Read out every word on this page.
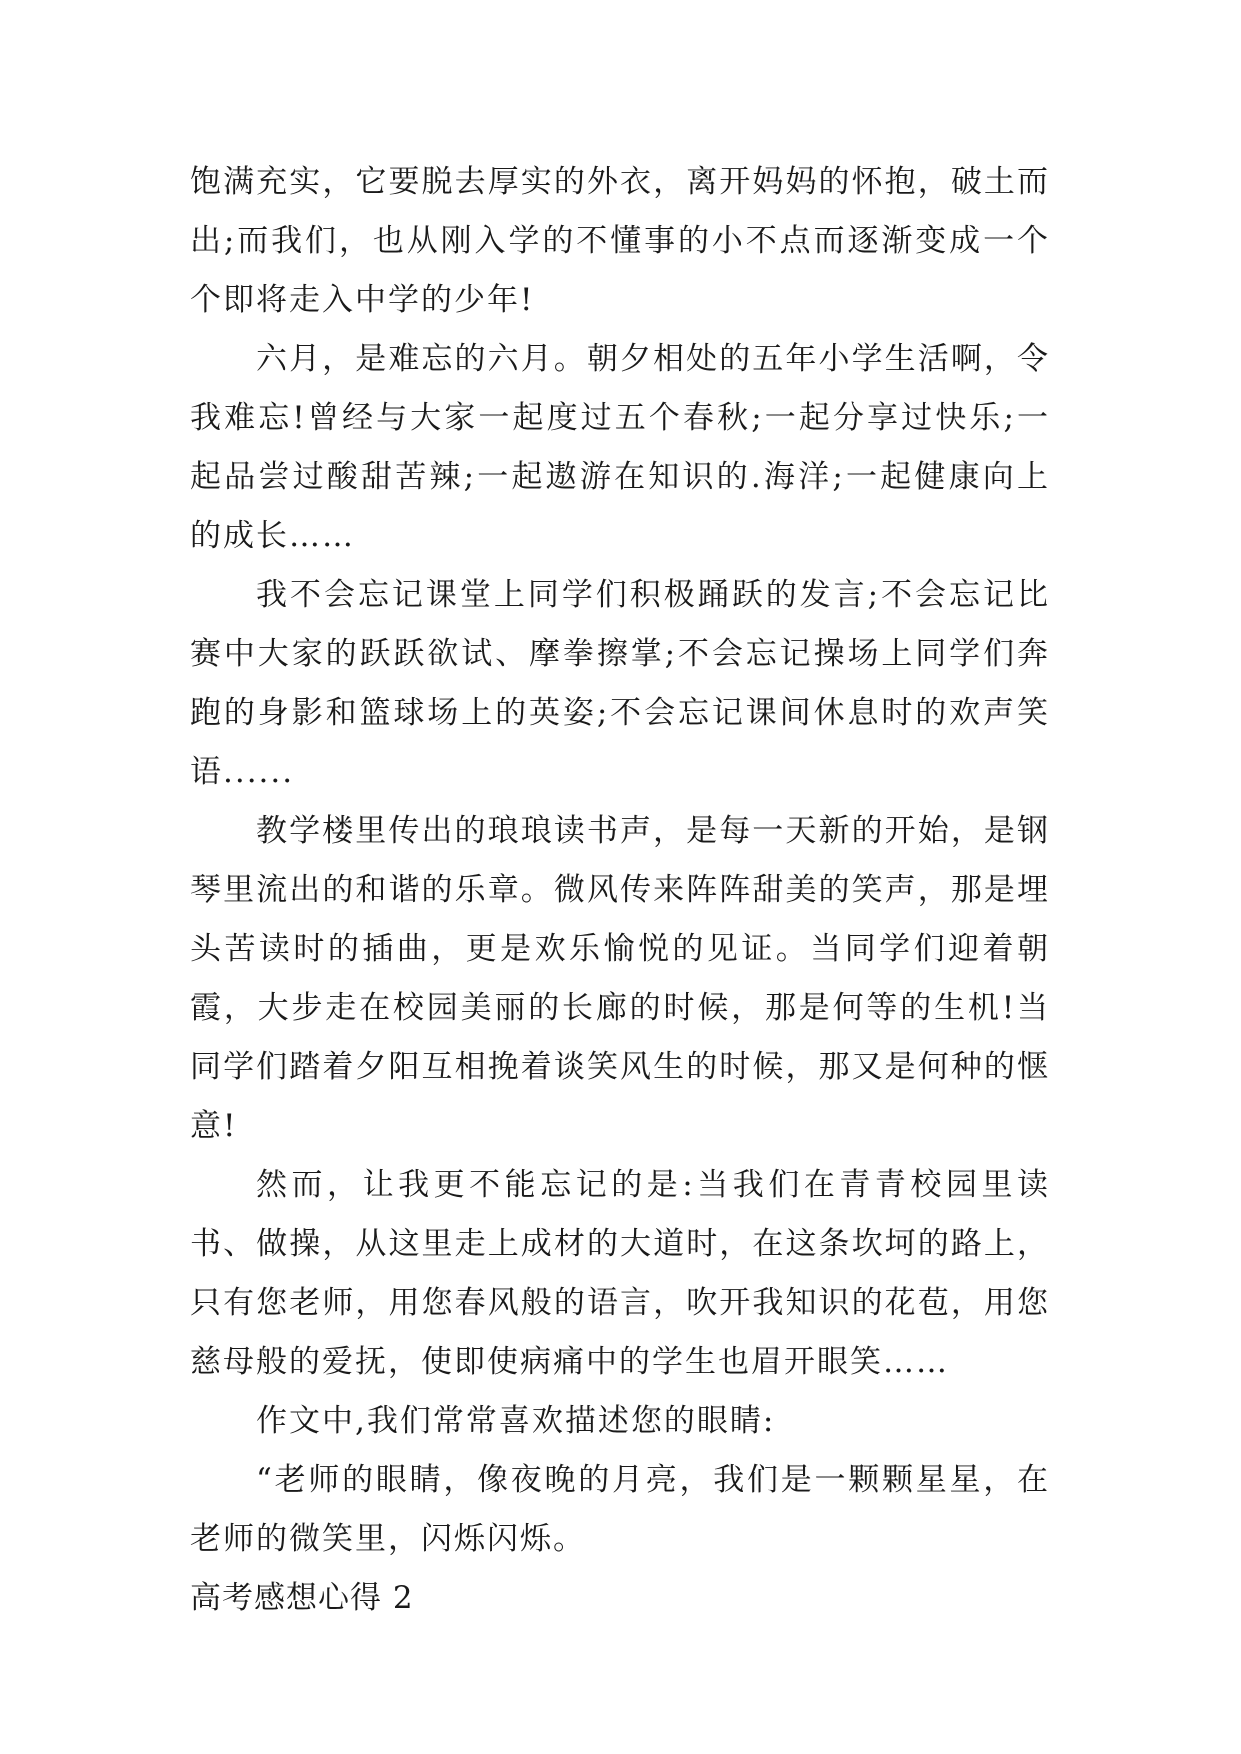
饱满充实，它要脱去厚实的外衣，离开妈妈的怀抱，破土而出;而我们，也从刚入学的不懂事的小不点而逐渐变成一个个即将走入中学的少年!

六月，是难忘的六月。朝夕相处的五年小学生活啊，令我难忘!曾经与大家一起度过五个春秋;一起分享过快乐;一起品尝过酸甜苦辣;一起遨游在知识的.海洋;一起健康向上的成长……

我不会忘记课堂上同学们积极踊跃的发言;不会忘记比赛中大家的跃跃欲试、摩拳擦掌;不会忘记操场上同学们奔跑的身影和篮球场上的英姿;不会忘记课间休息时的欢声笑语......

教学楼里传出的琅琅读书声，是每一天新的开始，是钢琴里流出的和谐的乐章。微风传来阵阵甜美的笑声，那是埋头苦读时的插曲，更是欢乐愉悦的见证。当同学们迎着朝霞，大步走在校园美丽的长廊的时候，那是何等的生机!当同学们踏着夕阳互相挽着谈笑风生的时候，那又是何种的惬意!

然而，让我更不能忘记的是:当我们在青青校园里读书、做操，从这里走上成材的大道时，在这条坎坷的路上，只有您老师，用您春风般的语言，吹开我知识的花苞，用您慈母般的爱抚，使即使病痛中的学生也眉开眼笑……

作文中,我们常常喜欢描述您的眼睛:

“老师的眼睛，像夜晚的月亮，我们是一颗颗星星，在老师的微笑里，闪烁闪烁。

高考感想心得 2
